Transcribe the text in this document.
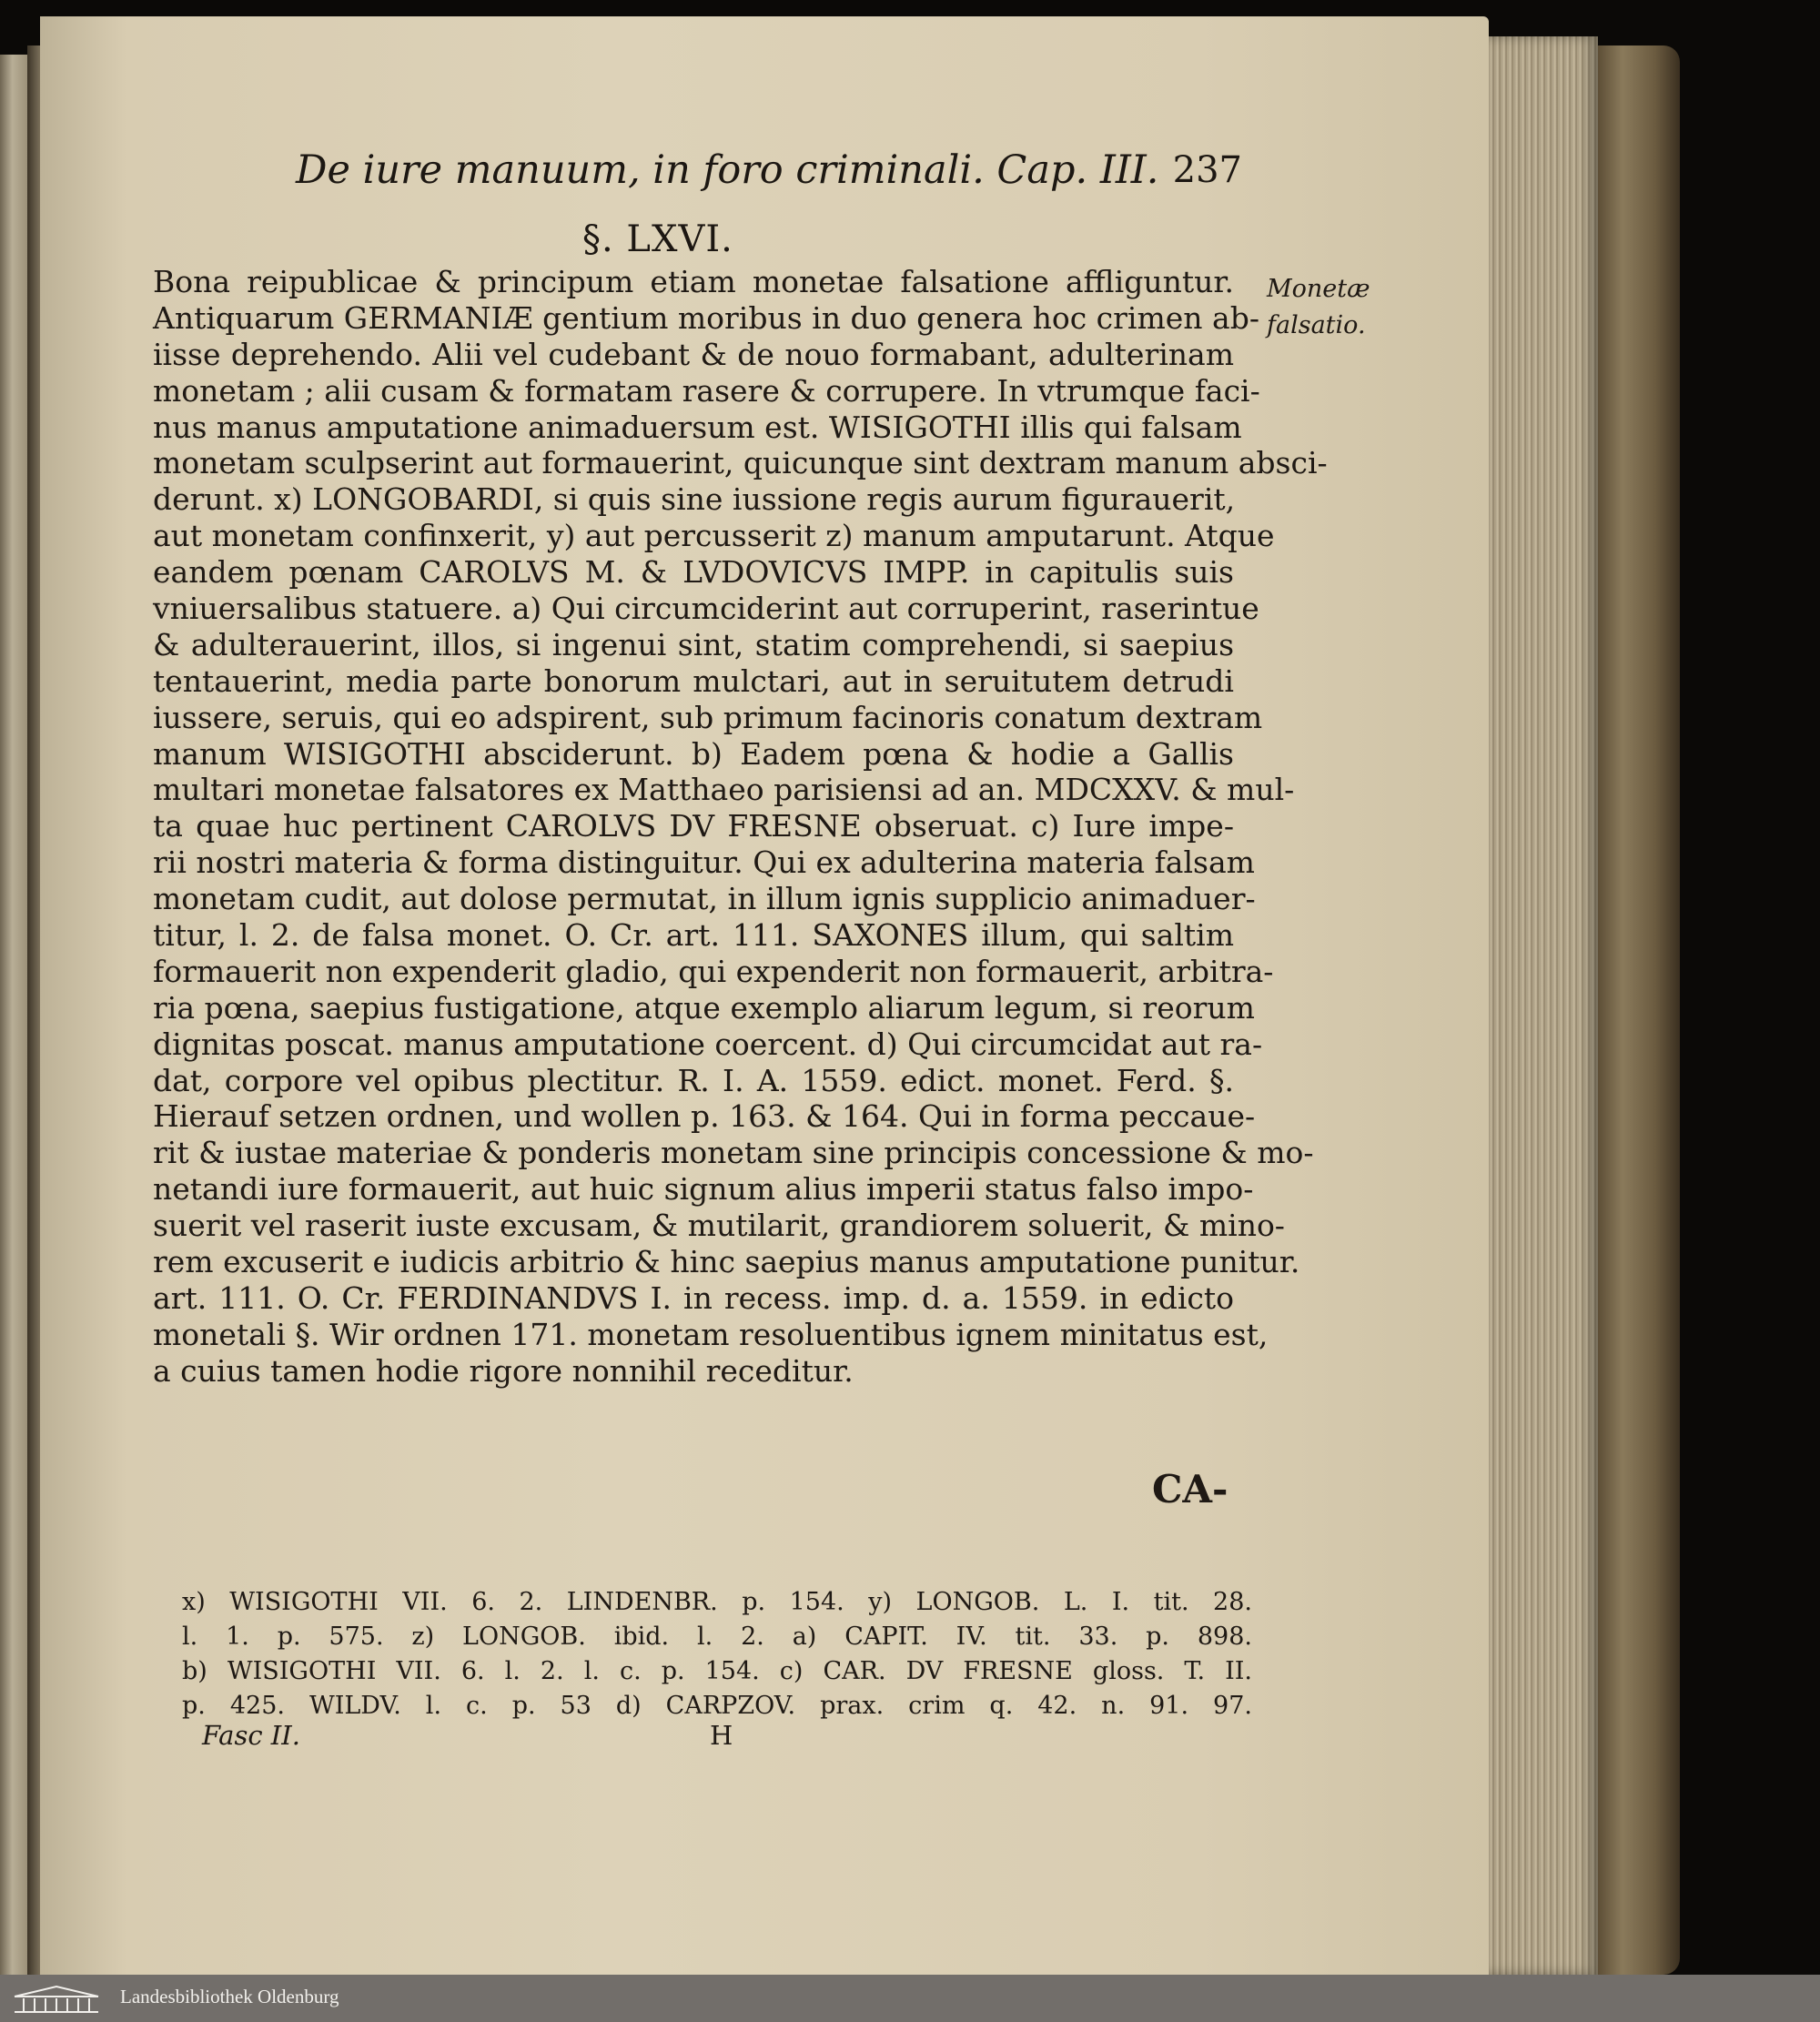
De iure manuum, in foro criminali. Cap. III. 237
§. LXVI.
Monetæ falsatio.
Bona reipublicae & principum etiam monetae falsatione affliguntur.
Antiquarum GERMANIÆ gentium moribus in duo genera hoc crimen ab-
iisse deprehendo. Alii vel cudebant & de nouo formabant, adulterinam
monetam ; alii cusam & formatam rasere & corrupere. In vtrumque faci-
nus manus amputatione animaduersum est. WISIGOTHI illis qui falsam
monetam sculpserint aut formauerint, quicunque sint dextram manum absci-
derunt. x) LONGOBARDI, si quis sine iussione regis aurum figurauerit,
aut monetam confinxerit, y) aut percusserit z) manum amputarunt. Atque
eandem pœnam CAROLVS M. & LVDOVICVS IMPP. in capitulis suis
vniuersalibus statuere. a) Qui circumciderint aut corruperint, raserintue
& adulterauerint, illos, si ingenui sint, statim comprehendi, si saepius
tentauerint, media parte bonorum mulctari, aut in seruitutem detrudi
iussere, seruis, qui eo adspirent, sub primum facinoris conatum dextram
manum WISIGOTHI absciderunt. b) Eadem pœna & hodie a Gallis
multari monetae falsatores ex Matthaeo parisiensi ad an. MDCXXV. & mul-
ta quae huc pertinent CAROLVS DV FRESNE obseruat. c) Iure impe-
rii nostri materia & forma distinguitur. Qui ex adulterina materia falsam
monetam cudit, aut dolose permutat, in illum ignis supplicio animaduer-
titur, l. 2. de falsa monet. O. Cr. art. 111. SAXONES illum, qui saltim
formauerit non expenderit gladio, qui expenderit non formauerit, arbitra-
ria pœna, saepius fustigatione, atque exemplo aliarum legum, si reorum
dignitas poscat. manus amputatione coercent. d) Qui circumcidat aut ra-
dat, corpore vel opibus plectitur. R. I. A. 1559. edict. monet. Ferd. §.
Hierauf setzen ordnen, und wollen p. 163. & 164. Qui in forma peccaue-
rit & iustae materiae & ponderis monetam sine principis concessione & mo-
netandi iure formauerit, aut huic signum alius imperii status falso impo-
suerit vel raserit iuste excusam, & mutilarit, grandiorem soluerit, & mino-
rem excuserit e iudicis arbitrio & hinc saepius manus amputatione punitur.
art. 111. O. Cr. FERDINANDVS I. in recess. imp. d. a. 1559. in edicto
monetali §. Wir ordnen 171. monetam resoluentibus ignem minitatus est,
a cuius tamen hodie rigore nonnihil receditur.
CA-
x) WISIGOTHI VII. 6. 2. LINDENBR. p. 154. y) LONGOB. L. I. tit. 28.
l. 1. p. 575. z) LONGOB. ibid. l. 2. a) CAPIT. IV. tit. 33. p. 898.
b) WISIGOTHI VII. 6. l. 2. l. c. p. 154. c) CAR. DV FRESNE gloss. T. II.
p. 425. WILDV. l. c. p. 53 d) CARPZOV. prax. crim q. 42. n. 91. 97.
Fasc II.	H
Landesbibliothek Oldenburg
